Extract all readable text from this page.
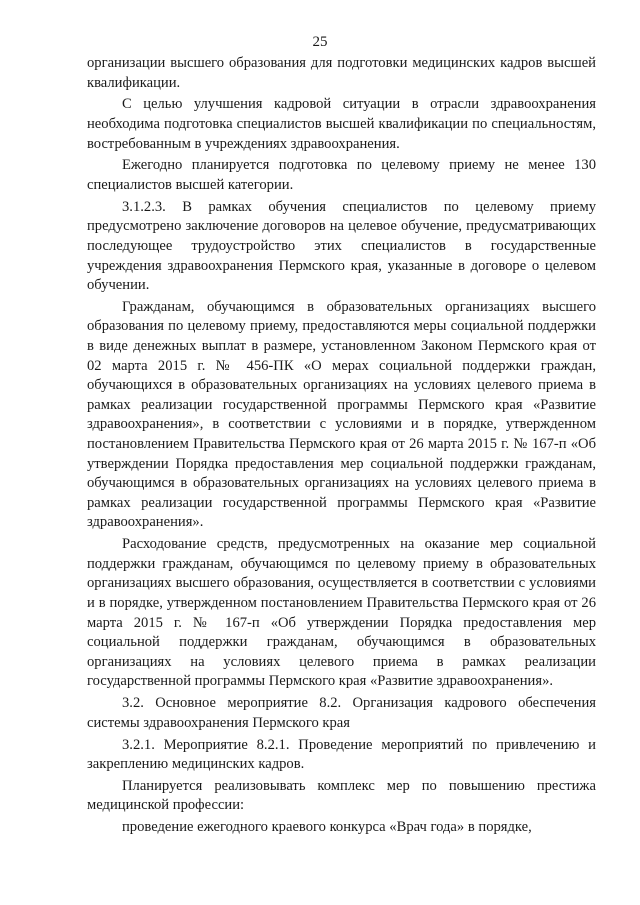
25

организации высшего образования для подготовки медицинских кадров высшей квалификации.

С целью улучшения кадровой ситуации в отрасли здравоохранения необходима подготовка специалистов высшей квалификации по специальностям, востребованным в учреждениях здравоохранения.

Ежегодно планируется подготовка по целевому приему не менее 130 специалистов высшей категории.

3.1.2.3. В рамках обучения специалистов по целевому приему предусмотрено заключение договоров на целевое обучение, предусматривающих последующее трудоустройство этих специалистов в государственные учреждения здравоохранения Пермского края, указанные в договоре о целевом обучении.

Гражданам, обучающимся в образовательных организациях высшего образования по целевому приему, предоставляются меры социальной поддержки в виде денежных выплат в размере, установленном Законом Пермского края от 02 марта 2015 г. № 456-ПК «О мерах социальной поддержки граждан, обучающихся в образовательных организациях на условиях целевого приема в рамках реализации государственной программы Пермского края «Развитие здравоохранения», в соответствии с условиями и в порядке, утвержденном постановлением Правительства Пермского края от 26 марта 2015 г. № 167-п «Об утверждении Порядка предоставления мер социальной поддержки гражданам, обучающимся в образовательных организациях на условиях целевого приема в рамках реализации государственной программы Пермского края «Развитие здравоохранения».

Расходование средств, предусмотренных на оказание мер социальной поддержки гражданам, обучающимся по целевому приему в образовательных организациях высшего образования, осуществляется в соответствии с условиями и в порядке, утвержденном постановлением Правительства Пермского края от 26 марта 2015 г. № 167-п «Об утверждении Порядка предоставления мер социальной поддержки гражданам, обучающимся в образовательных организациях на условиях целевого приема в рамках реализации государственной программы Пермского края «Развитие здравоохранения».

3.2. Основное мероприятие 8.2. Организация кадрового обеспечения системы здравоохранения Пермского края

3.2.1. Мероприятие 8.2.1. Проведение мероприятий по привлечению и закреплению медицинских кадров.

Планируется реализовывать комплекс мер по повышению престижа медицинской профессии:

проведение ежегодного краевого конкурса «Врач года» в порядке,
